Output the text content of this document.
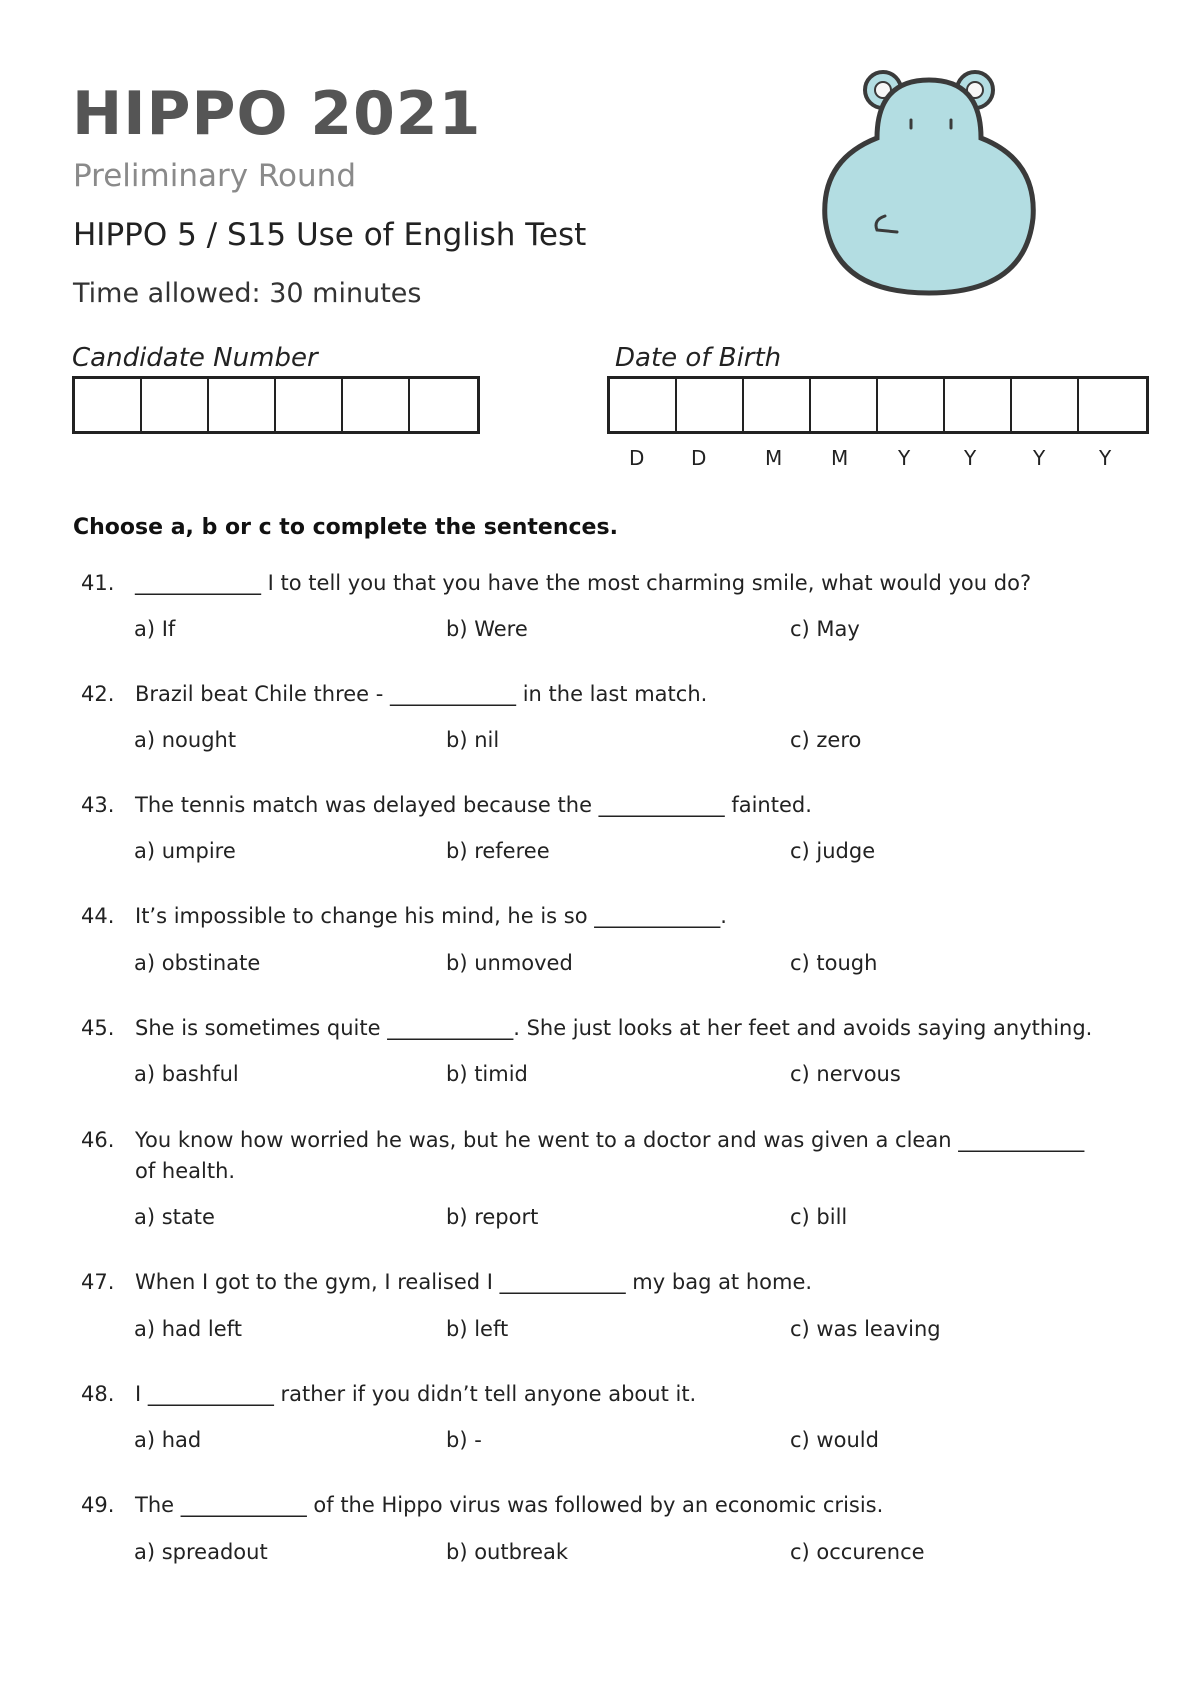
HIPPO 2021
Preliminary Round
HIPPO 5 / S15 Use of English Test
Time allowed: 30 minutes
Candidate Number	Date of Birth
D D	M M Y	Y	Y	Y
Choose a, b or c to complete the sentences.
41. ____________ I to tell you that you have the most charming smile, what would you do?
a) If	b) Were	c) May
42. Brazil beat Chile three - ____________ in the last match.
a) nought	b) nil	c) zero
43. The tennis match was delayed because the ____________ fainted.
a) umpire	b) referee	c) judge
44. It’s impossible to change his mind, he is so ____________.
a) obstinate	b) unmoved	c) tough
45. She is sometimes quite ____________. She just looks at her feet and avoids saying anything.
a) bashful	b) timid	c) nervous
46. You know how worried he was, but he went to a doctor and was given a clean ____________ of health.
a) state	b) report	c) bill
47. When I got to the gym, I realised I ____________ my bag at home.
a) had left	b) left	c) was leaving
48. I ____________ rather if you didn’t tell anyone about it.
a) had	b) -	c) would
49. The ____________ of the Hippo virus was followed by an economic crisis.
a) spreadout	b) outbreak	c) occurence
